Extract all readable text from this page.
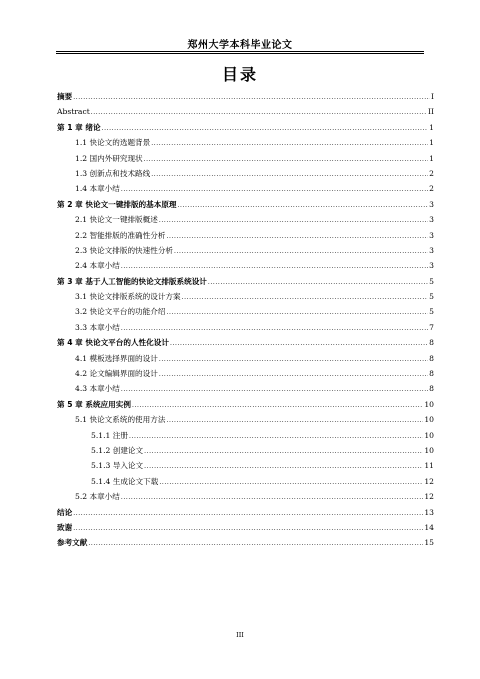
郑州大学本科毕业论文
目录
摘要 .....	I
Abstract .....	II
第 1 章 绪论 .....	1
1.1 快论文的选题背景 .....	1
1.2 国内外研究现状 .....	1
1.3 创新点和技术路线 .....	2
1.4 本章小结 .....	2
第 2 章 快论文一键排版的基本原理 .....	3
2.1 快论文一键排版概述 .....	3
2.2 智能排版的准确性分析 .....	3
2.3 快论文排版的快速性分析 .....	3
2.4 本章小结 .....	3
第 3 章 基于人工智能的快论文排版系统设计 .....	5
3.1 快论文排版系统的设计方案 .....	5
3.2 快论文平台的功能介绍 .....	5
3.3 本章小结 .....	7
第 4 章 快论文平台的人性化设计 .....	8
4.1 模板选择界面的设计 .....	8
4.2 论文编辑界面的设计 .....	8
4.3 本章小结 .....	8
第 5 章 系统应用实例 .....	10
5.1 快论文系统的使用方法 .....	10
5.1.1 注册 .....	10
5.1.2 创建论文 .....	10
5.1.3 导入论文 .....	11
5.1.4 生成论文下载 .....	12
5.2 本章小结 .....	12
结论 .....	13
致谢 .....	14
参考文献 .....	15
III
